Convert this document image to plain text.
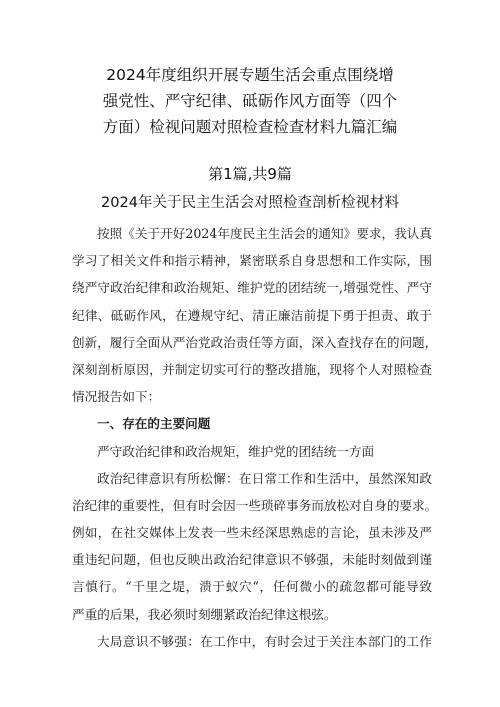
2024年度组织开展专题生活会重点围绕增
强党性、严守纪律、砥砺作风方面等（四个
方面）检视问题对照检查检查材料九篇汇编
第1篇,共9篇
2024年关于民主生活会对照检查剖析检视材料
按照《关于开好2024年度民主生活会的通知》要求，我认真
学习了相关文件和指示精神，紧密联系自身思想和工作实际，围
绕严守政治纪律和政治规矩、维护党的团结统一,增强党性、严守
纪律、砥砺作风，在遵规守纪、清正廉洁前提下勇于担责、敢于
创新，履行全面从严治党政治责任等方面，深入查找存在的问题，
深刻剖析原因，并制定切实可行的整改措施，现将个人对照检查
情况报告如下：
一、存在的主要问题
严守政治纪律和政治规矩，维护党的团结统一方面
政治纪律意识有所松懈：在日常工作和生活中，虽然深知政
治纪律的重要性，但有时会因一些琐碎事务而放松对自身的要求。
例如，在社交媒体上发表一些未经深思熟虑的言论，虽未涉及严
重违纪问题，但也反映出政治纪律意识不够强，未能时刻做到谨
言慎行。“千里之堤，溃于蚁穴“，任何微小的疏忽都可能导致
严重的后果，我必须时刻绷紧政治纪律这根弦。
大局意识不够强：在工作中，有时会过于关注本部门的工作
